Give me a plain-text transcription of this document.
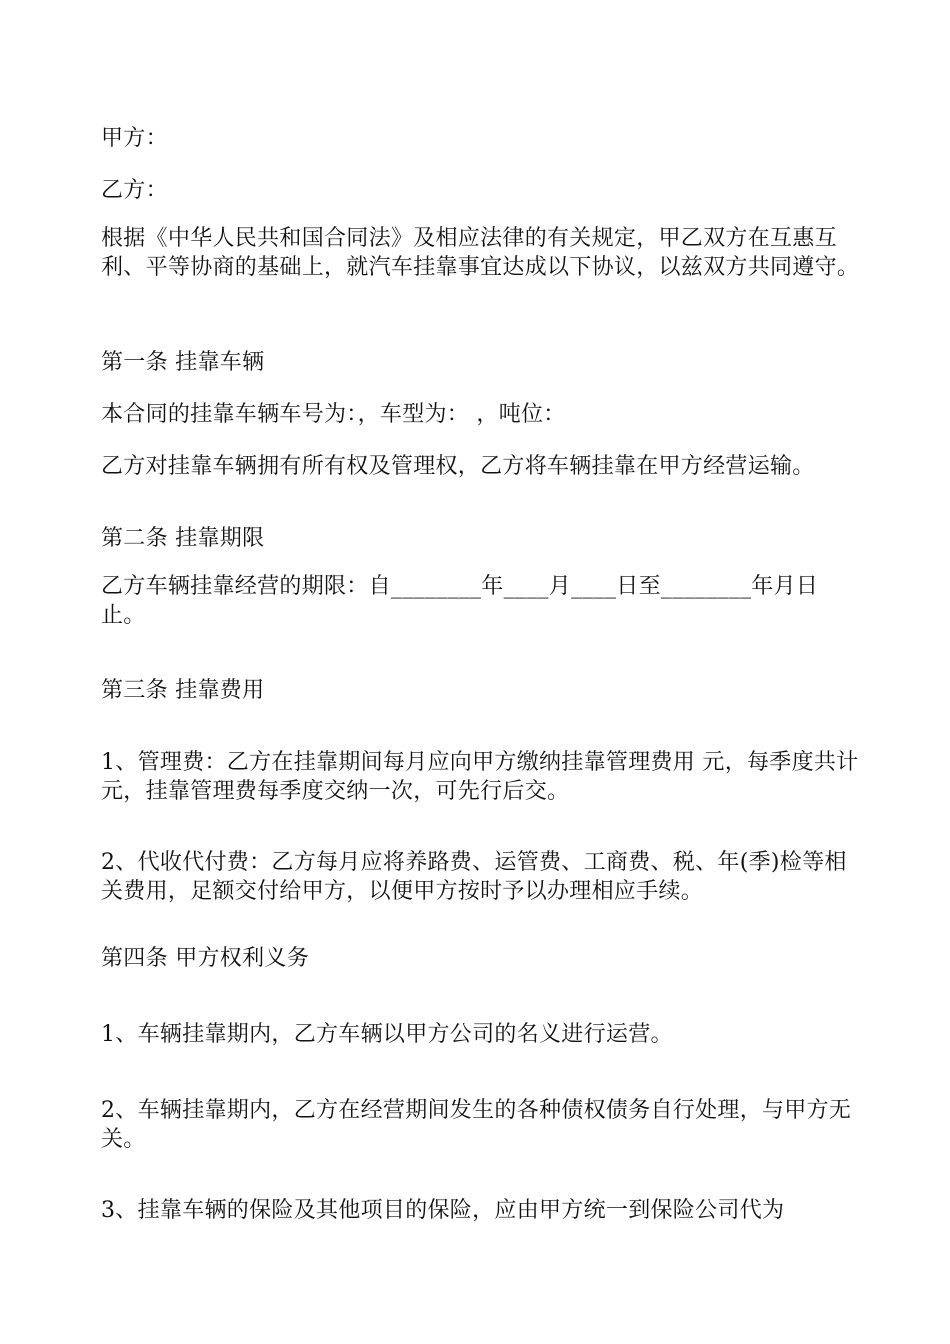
甲方：

乙方：

根据《中华人民共和国合同法》及相应法律的有关规定，甲乙双方在互惠互利、平等协商的基础上，就汽车挂靠事宜达成以下协议，以兹双方共同遵守。

第一条 挂靠车辆

本合同的挂靠车辆车号为：，车型为： ，吨位：

乙方对挂靠车辆拥有所有权及管理权，乙方将车辆挂靠在甲方经营运输。

第二条 挂靠期限

乙方车辆挂靠经营的期限：自________年____月____日至________年月日止。

第三条 挂靠费用

1、管理费：乙方在挂靠期间每月应向甲方缴纳挂靠管理费用 元，每季度共计 元，挂靠管理费每季度交纳一次，可先行后交。

2、代收代付费：乙方每月应将养路费、运管费、工商费、税、年(季)检等相关费用，足额交付给甲方，以便甲方按时予以办理相应手续。

第四条 甲方权利义务

1、车辆挂靠期内，乙方车辆以甲方公司的名义进行运营。

2、车辆挂靠期内，乙方在经营期间发生的各种债权债务自行处理，与甲方无关。

3、挂靠车辆的保险及其他项目的保险，应由甲方统一到保险公司代为
